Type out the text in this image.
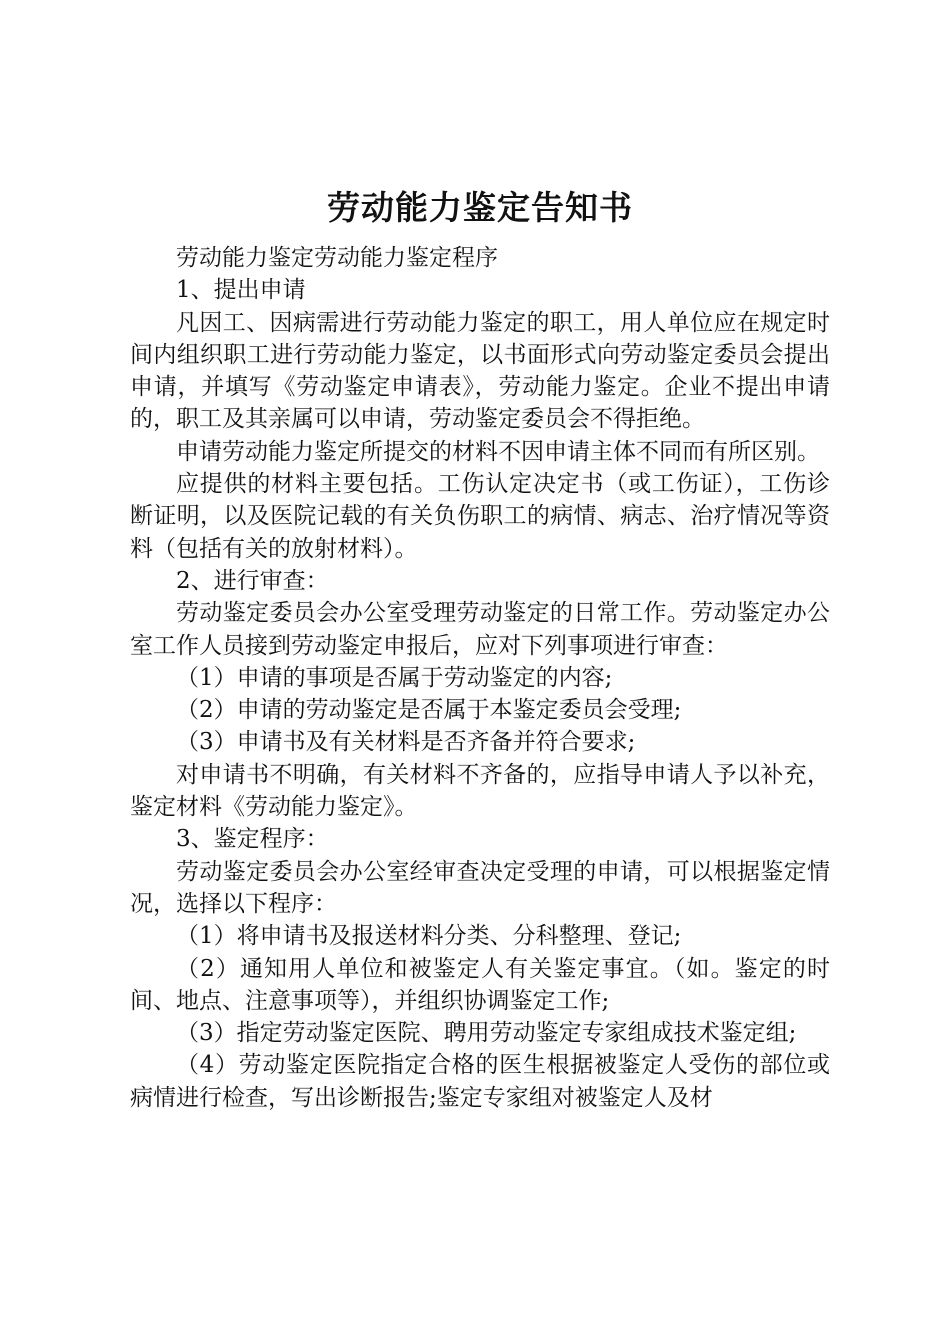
劳动能力鉴定告知书

劳动能力鉴定劳动能力鉴定程序

1、提出申请

凡因工、因病需进行劳动能力鉴定的职工，用人单位应在规定时间内组织职工进行劳动能力鉴定，以书面形式向劳动鉴定委员会提出申请，并填写《劳动鉴定申请表》，劳动能力鉴定。企业不提出申请的，职工及其亲属可以申请，劳动鉴定委员会不得拒绝。

申请劳动能力鉴定所提交的材料不因申请主体不同而有所区别。

应提供的材料主要包括。工伤认定决定书（或工伤证），工伤诊断证明，以及医院记载的有关负伤职工的病情、病志、治疗情况等资料（包括有关的放射材料）。

2、进行审查：

劳动鉴定委员会办公室受理劳动鉴定的日常工作。劳动鉴定办公室工作人员接到劳动鉴定申报后，应对下列事项进行审查：

（1）申请的事项是否属于劳动鉴定的内容;

（2）申请的劳动鉴定是否属于本鉴定委员会受理;

（3）申请书及有关材料是否齐备并符合要求;

对申请书不明确，有关材料不齐备的，应指导申请人予以补充，鉴定材料《劳动能力鉴定》。

3、鉴定程序：

劳动鉴定委员会办公室经审查决定受理的申请，可以根据鉴定情况，选择以下程序：

（1）将申请书及报送材料分类、分科整理、登记;

（2）通知用人单位和被鉴定人有关鉴定事宜。（如。鉴定的时间、地点、注意事项等），并组织协调鉴定工作;

（3）指定劳动鉴定医院、聘用劳动鉴定专家组成技术鉴定组;

（4）劳动鉴定医院指定合格的医生根据被鉴定人受伤的部位或病情进行检查，写出诊断报告;鉴定专家组对被鉴定人及材
